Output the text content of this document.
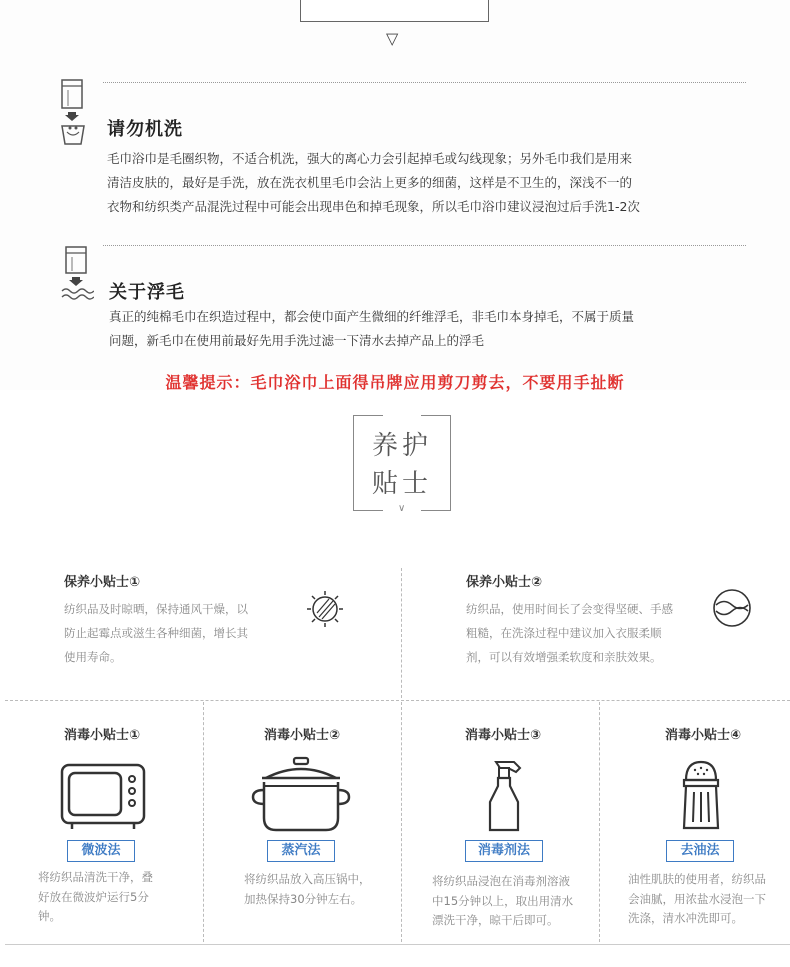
▽
请勿机洗
毛巾浴巾是毛圈织物，不适合机洗，强大的离心力会引起掉毛或勾线现象；另外毛巾我们是用来
清洁皮肤的，最好是手洗，放在洗衣机里毛巾会沾上更多的细菌，这样是不卫生的，深浅不一的
衣物和纺织类产品混洗过程中可能会出现串色和掉毛现象，所以毛巾浴巾建议浸泡过后手洗1-2次
关于浮毛
真正的纯棉毛巾在织造过程中，都会使巾面产生微细的纤维浮毛，非毛巾本身掉毛，不属于质量
问题，新毛巾在使用前最好先用手洗过滤一下清水去掉产品上的浮毛
温馨提示：毛巾浴巾上面得吊牌应用剪刀剪去，不要用手扯断
养护
贴士
∨
保养小贴士①
纺织品及时晾晒，保持通风干燥，以
防止起霉点或滋生各种细菌，增长其
使用寿命。
保养小贴士②
纺织品，使用时间长了会变得坚硬、手感
粗糙，在洗涤过程中建议加入衣服柔顺
剂，可以有效增强柔软度和亲肤效果。
消毒小贴士①
微波法
将纺织品清洗干净，叠
好放在微波炉运行5分
钟。
消毒小贴士②
蒸汽法
将纺织品放入高压锅中，
加热保持30分钟左右。
消毒小贴士③
消毒剂法
将纺织品浸泡在消毒剂溶液
中15分钟以上，取出用清水
漂洗干净，晾干后即可。
消毒小贴士④
去油法
油性肌肤的使用者，纺织品
会油腻，用浓盐水浸泡一下
洗涤，清水冲洗即可。
